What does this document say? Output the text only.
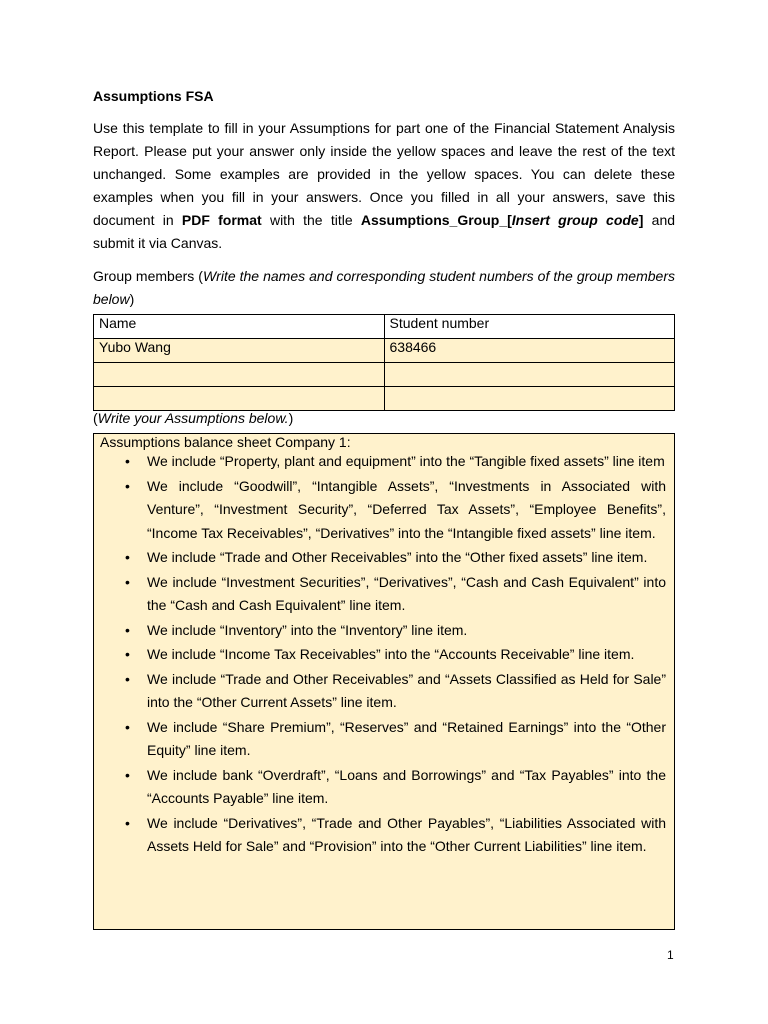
Assumptions FSA
Use this template to fill in your Assumptions for part one of the Financial Statement Analysis Report. Please put your answer only inside the yellow spaces and leave the rest of the text unchanged. Some examples are provided in the yellow spaces. You can delete these examples when you fill in your answers. Once you filled in all your answers, save this document in PDF format with the title Assumptions_Group_[Insert group code] and submit it via Canvas.
Group members (Write the names and corresponding student numbers of the group members below)
Name	Student number
Yubo Wang	638466

(Write your Assumptions below.)
Assumptions balance sheet Company 1:
• We include “Property, plant and equipment” into the “Tangible fixed assets” line item
• We include “Goodwill”, “Intangible Assets”, “Investments in Associated with Venture”, “Investment Security”, “Deferred Tax Assets”, “Employee Benefits”, “Income Tax Receivables”, “Derivatives” into the “Intangible fixed assets” line item.
• We include “Trade and Other Receivables” into the “Other fixed assets” line item.
• We include “Investment Securities”, “Derivatives”, “Cash and Cash Equivalent” into the “Cash and Cash Equivalent” line item.
• We include “Inventory” into the “Inventory” line item.
• We include “Income Tax Receivables” into the “Accounts Receivable” line item.
• We include “Trade and Other Receivables” and “Assets Classified as Held for Sale” into the “Other Current Assets” line item.
• We include “Share Premium”, “Reserves” and “Retained Earnings” into the “Other Equity” line item.
• We include bank “Overdraft”, “Loans and Borrowings” and “Tax Payables” into the “Accounts Payable” line item.
• We include “Derivatives”, “Trade and Other Payables”, “Liabilities Associated with Assets Held for Sale” and “Provision” into the “Other Current Liabilities” line item.
1
